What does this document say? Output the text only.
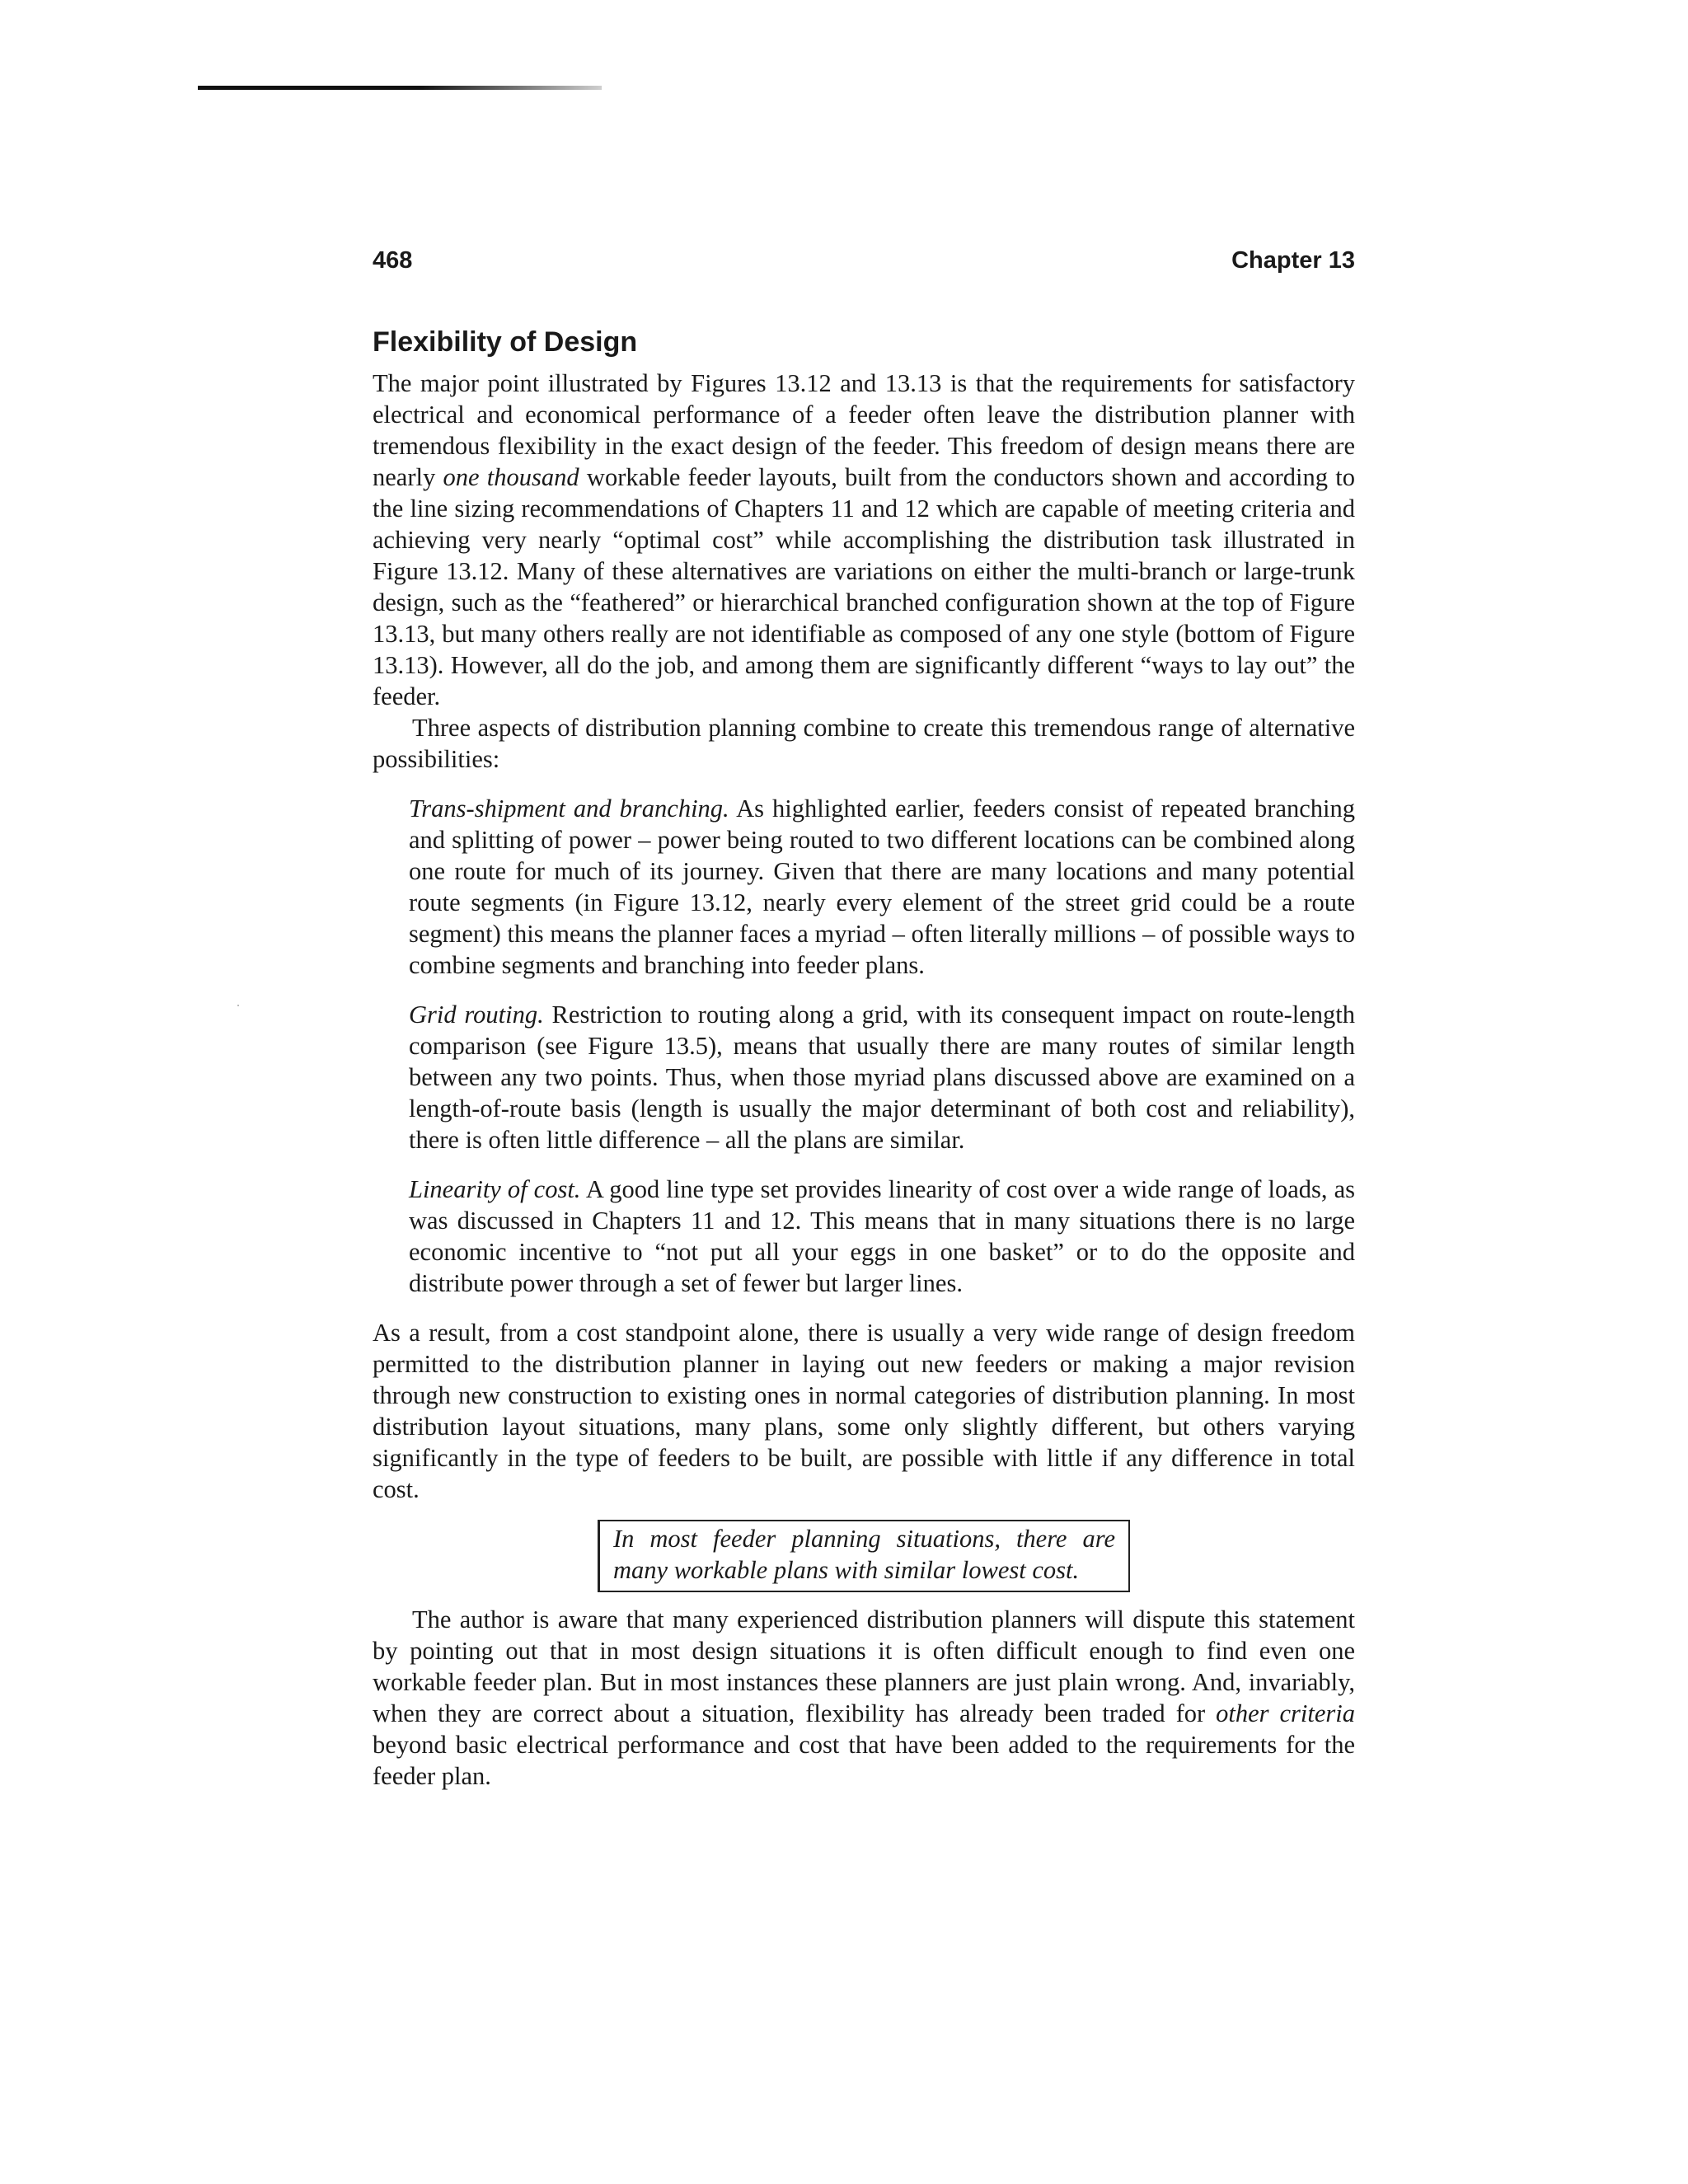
468	Chapter 13
Flexibility of Design

The major point illustrated by Figures 13.12 and 13.13 is that the requirements for satisfactory electrical and economical performance of a feeder often leave the distribution planner with tremendous flexibility in the exact design of the feeder. This freedom of design means there are nearly one thousand workable feeder layouts, built from the conductors shown and according to the line sizing recommendations of Chapters 11 and 12 which are capable of meeting criteria and achieving very nearly “optimal cost” while accomplishing the distribution task illustrated in Figure 13.12. Many of these alternatives are variations on either the multi-branch or large-trunk design, such as the “feathered” or hierarchical branched configuration shown at the top of Figure 13.13, but many others really are not identifiable as composed of any one style (bottom of Figure 13.13). However, all do the job, and among them are significantly different “ways to lay out” the feeder.

Three aspects of distribution planning combine to create this tremendous range of alternative possibilities:

Trans-shipment and branching. As highlighted earlier, feeders consist of repeated branching and splitting of power – power being routed to two different locations can be combined along one route for much of its journey. Given that there are many locations and many potential route segments (in Figure 13.12, nearly every element of the street grid could be a route segment) this means the planner faces a myriad – often literally millions – of possible ways to combine segments and branching into feeder plans.

Grid routing. Restriction to routing along a grid, with its consequent impact on route-length comparison (see Figure 13.5), means that usually there are many routes of similar length between any two points. Thus, when those myriad plans discussed above are examined on a length-of-route basis (length is usually the major determinant of both cost and reliability), there is often little difference – all the plans are similar.

Linearity of cost. A good line type set provides linearity of cost over a wide range of loads, as was discussed in Chapters 11 and 12. This means that in many situations there is no large economic incentive to “not put all your eggs in one basket” or to do the opposite and distribute power through a set of fewer but larger lines.

As a result, from a cost standpoint alone, there is usually a very wide range of design freedom permitted to the distribution planner in laying out new feeders or making a major revision through new construction to existing ones in normal categories of distribution planning. In most distribution layout situations, many plans, some only slightly different, but others varying significantly in the type of feeders to be built, are possible with little if any difference in total cost.

In most feeder planning situations, there are many workable plans with similar lowest cost.

The author is aware that many experienced distribution planners will dispute this statement by pointing out that in most design situations it is often difficult enough to find even one workable feeder plan. But in most instances these planners are just plain wrong. And, invariably, when they are correct about a situation, flexibility has already been traded for other criteria beyond basic electrical performance and cost that have been added to the requirements for the feeder plan.
